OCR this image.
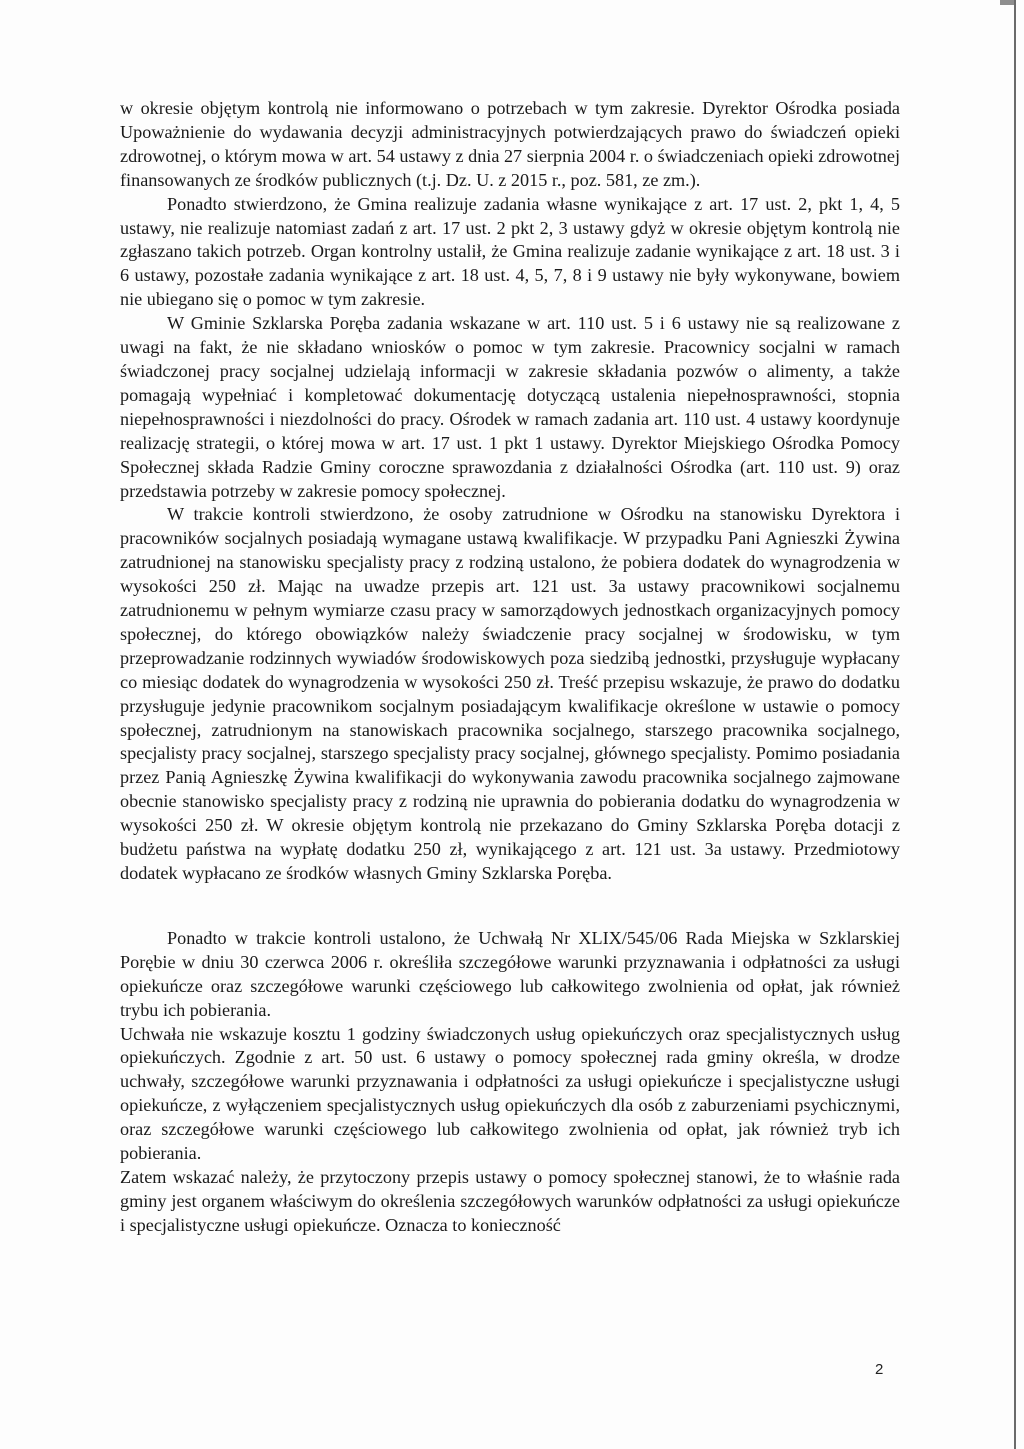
w okresie objętym kontrolą nie informowano o potrzebach w tym zakresie. Dyrektor Ośrodka posiada Upoważnienie do wydawania decyzji administracyjnych potwierdzających prawo do świadczeń opieki zdrowotnej, o którym mowa w art. 54 ustawy z dnia 27 sierpnia 2004 r. o świadczeniach opieki zdrowotnej finansowanych ze środków publicznych (t.j. Dz. U. z 2015 r., poz. 581, ze zm.).

Ponadto stwierdzono, że Gmina realizuje zadania własne wynikające z art. 17 ust. 2, pkt 1, 4, 5 ustawy, nie realizuje natomiast zadań z art. 17 ust. 2 pkt 2, 3 ustawy gdyż w okresie objętym kontrolą nie zgłaszano takich potrzeb. Organ kontrolny ustalił, że Gmina realizuje zadanie wynikające z art. 18 ust. 3 i 6 ustawy, pozostałe zadania wynikające z art. 18 ust. 4, 5, 7, 8 i 9 ustawy nie były wykonywane, bowiem nie ubiegano się o pomoc w tym zakresie.

W Gminie Szklarska Poręba zadania wskazane w art. 110 ust. 5 i 6 ustawy nie są realizowane z uwagi na fakt, że nie składano wniosków o pomoc w tym zakresie. Pracownicy socjalni w ramach świadczonej pracy socjalnej udzielają informacji w zakresie składania pozwów o alimenty, a także pomagają wypełniać i kompletować dokumentację dotyczącą ustalenia niepełnosprawności, stopnia niepełnosprawności i niezdolności do pracy. Ośrodek w ramach zadania art. 110 ust. 4 ustawy koordynuje realizację strategii, o której mowa w art. 17 ust. 1 pkt 1 ustawy. Dyrektor Miejskiego Ośrodka Pomocy Społecznej składa Radzie Gminy coroczne sprawozdania z działalności Ośrodka (art. 110 ust. 9) oraz przedstawia potrzeby w zakresie pomocy społecznej.

W trakcie kontroli stwierdzono, że osoby zatrudnione w Ośrodku na stanowisku Dyrektora i pracowników socjalnych posiadają wymagane ustawą kwalifikacje. W przypadku Pani Agnieszki Żywina zatrudnionej na stanowisku specjalisty pracy z rodziną ustalono, że pobiera dodatek do wynagrodzenia w wysokości 250 zł. Mając na uwadze przepis art. 121 ust. 3a ustawy pracownikowi socjalnemu zatrudnionemu w pełnym wymiarze czasu pracy w samorządowych jednostkach organizacyjnych pomocy społecznej, do którego obowiązków należy świadczenie pracy socjalnej w środowisku, w tym przeprowadzanie rodzinnych wywiadów środowiskowych poza siedzibą jednostki, przysługuje wypłacany co miesiąc dodatek do wynagrodzenia w wysokości 250 zł. Treść przepisu wskazuje, że prawo do dodatku przysługuje jedynie pracownikom socjalnym posiadającym kwalifikacje określone w ustawie o pomocy społecznej, zatrudnionym na stanowiskach pracownika socjalnego, starszego pracownika socjalnego, specjalisty pracy socjalnej, starszego specjalisty pracy socjalnej, głównego specjalisty. Pomimo posiadania przez Panią Agnieszkę Żywina kwalifikacji do wykonywania zawodu pracownika socjalnego zajmowane obecnie stanowisko specjalisty pracy z rodziną nie uprawnia do pobierania dodatku do wynagrodzenia w wysokości 250 zł. W okresie objętym kontrolą nie przekazano do Gminy Szklarska Poręba dotacji z budżetu państwa na wypłatę dodatku 250 zł, wynikającego z art. 121 ust. 3a ustawy. Przedmiotowy dodatek wypłacano ze środków własnych Gminy Szklarska Poręba.

Ponadto w trakcie kontroli ustalono, że Uchwałą Nr XLIX/545/06 Rada Miejska w Szklarskiej Porębie w dniu 30 czerwca 2006 r. określiła szczegółowe warunki przyznawania i odpłatności za usługi opiekuńcze oraz szczegółowe warunki częściowego lub całkowitego zwolnienia od opłat, jak również trybu ich pobierania.

Uchwała nie wskazuje kosztu 1 godziny świadczonych usług opiekuńczych oraz specjalistycznych usług opiekuńczych. Zgodnie z art. 50 ust. 6 ustawy o pomocy społecznej rada gminy określa, w drodze uchwały, szczegółowe warunki przyznawania i odpłatności za usługi opiekuńcze i specjalistyczne usługi opiekuńcze, z wyłączeniem specjalistycznych usług opiekuńczych dla osób z zaburzeniami psychicznymi, oraz szczegółowe warunki częściowego lub całkowitego zwolnienia od opłat, jak również tryb ich pobierania.

Zatem wskazać należy, że przytoczony przepis ustawy o pomocy społecznej stanowi, że to właśnie rada gminy jest organem właściwym do określenia szczegółowych warunków odpłatności za usługi opiekuńcze i specjalistyczne usługi opiekuńcze. Oznacza to konieczność

2
